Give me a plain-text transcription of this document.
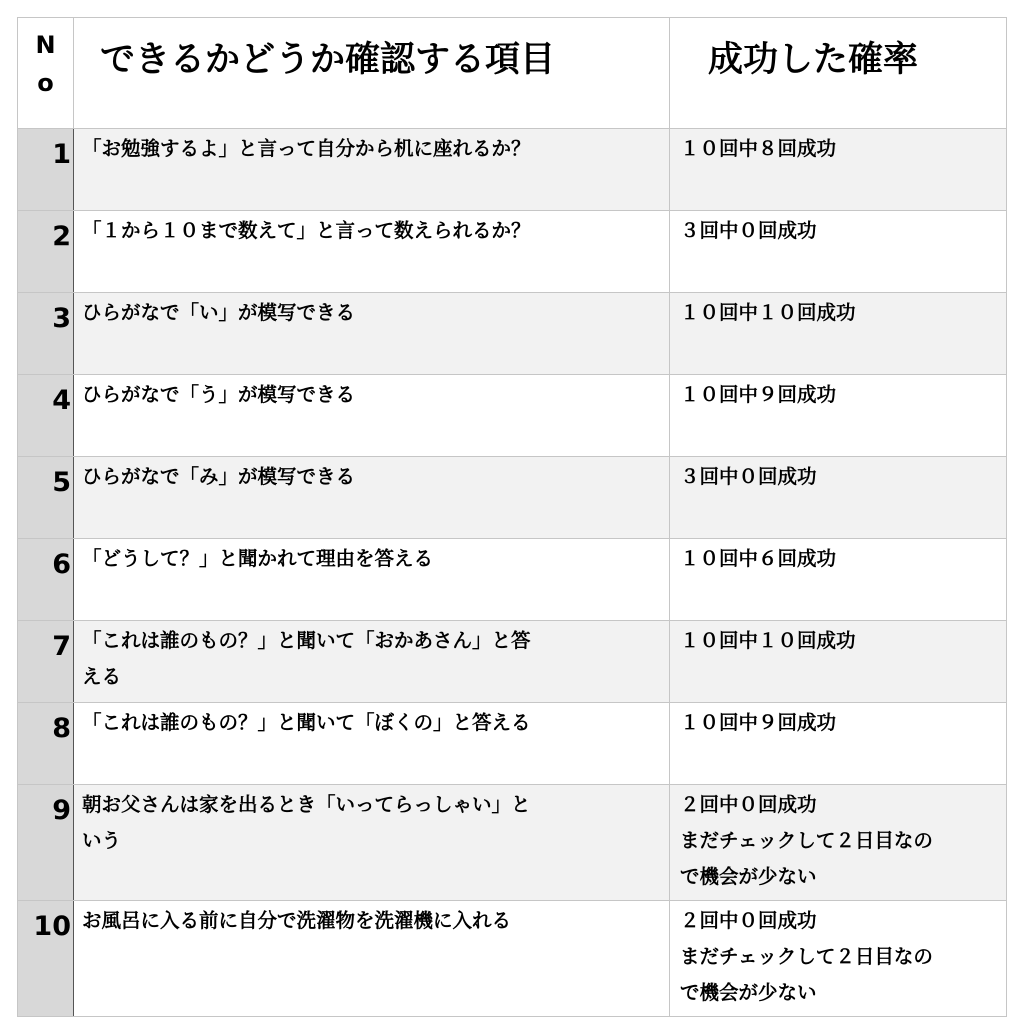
N
o	できるかどうか確認する項目	成功した確率
1	「お勉強するよ」と言って自分から机に座れるか？	１０回中８回成功

2	「１から１０まで数えて」と言って数えられるか？	３回中０回成功

3	ひらがなで「い」が模写できる	１０回中１０回成功

4	ひらがなで「う」が模写できる	１０回中９回成功

5	ひらがなで「み」が模写できる	３回中０回成功

6	「どうして？」と聞かれて理由を答える	１０回中６回成功

7	「これは誰のもの？」と聞いて「おかあさん」と答
える	１０回中１０回成功

8	「これは誰のもの？」と聞いて「ぼくの」と答える	１０回中９回成功

9	朝お父さんは家を出るとき「いってらっしゃい」と
いう	２回中０回成功
まだチェックして２日目なの
で機会が少ない

10	お風呂に入る前に自分で洗濯物を洗濯機に入れる	２回中０回成功
まだチェックして２日目なの
で機会が少ない
